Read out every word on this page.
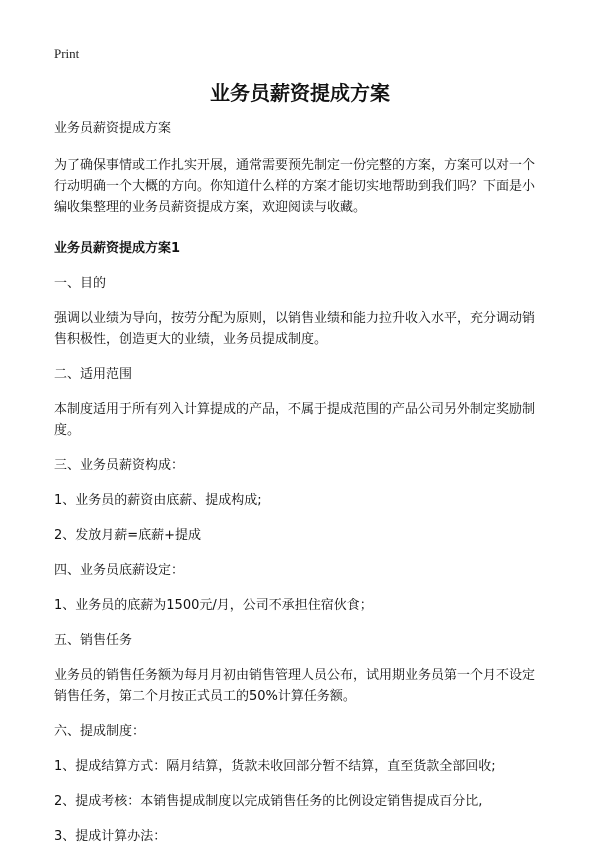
Print
业务员薪资提成方案

业务员薪资提成方案

为了确保事情或工作扎实开展，通常需要预先制定一份完整的方案，方案可以对一个行动明确一个大概的方向。你知道什么样的方案才能切实地帮助到我们吗？下面是小编收集整理的业务员薪资提成方案，欢迎阅读与收藏。

业务员薪资提成方案1

一、目的

强调以业绩为导向，按劳分配为原则，以销售业绩和能力拉升收入水平，充分调动销售积极性，创造更大的业绩，业务员提成制度。

二、适用范围

本制度适用于所有列入计算提成的产品，不属于提成范围的产品公司另外制定奖励制度。

三、业务员薪资构成：

1、业务员的薪资由底薪、提成构成;

2、发放月薪=底薪+提成

四、业务员底薪设定：

1、业务员的底薪为1500元/月，公司不承担住宿伙食；

五、销售任务

业务员的销售任务额为每月月初由销售管理人员公布，试用期业务员第一个月不设定销售任务，第二个月按正式员工的50%计算任务额。

六、提成制度：

1、提成结算方式：隔月结算，货款未收回部分暂不结算，直至货款全部回收;

2、提成考核：本销售提成制度以完成销售任务的比例设定销售提成百分比,

3、提成计算办法：
